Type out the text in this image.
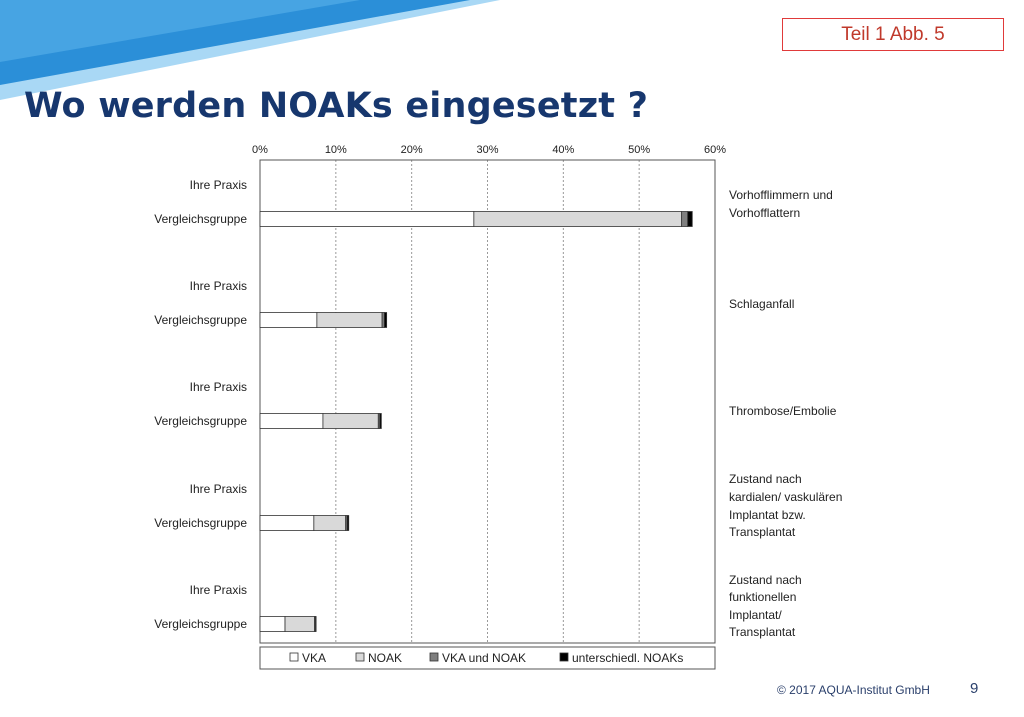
Teil 1 Abb. 5
Wo werden NOAKs eingesetzt ?
0%	10%	20%	30%	40%	50%	60%
Ihre Praxis
Vergleichsgruppe
Vorhofflimmern und
Vorhofflattern
Ihre Praxis
Vergleichsgruppe
Schlaganfall
Ihre Praxis
Vergleichsgruppe
Thrombose/Embolie
Ihre Praxis
Vergleichsgruppe
Zustand nach
kardialen/ vaskulären
Implantat bzw.
Transplantat
Ihre Praxis
Vergleichsgruppe
Zustand nach
funktionellen
Implantat/
Transplantat
VKA	NOAK	VKA und NOAK	unterschiedl. NOAKs
© 2017 AQUA-Institut GmbH	9
